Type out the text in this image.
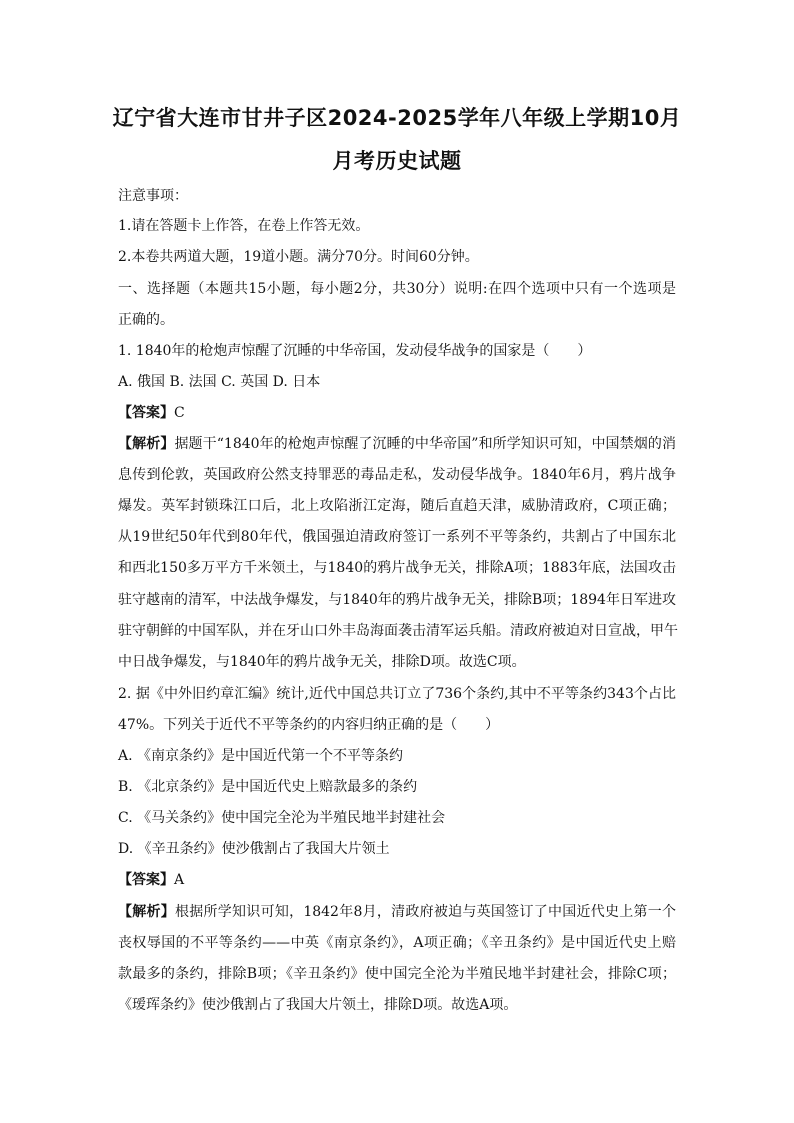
辽宁省大连市甘井子区2024-2025学年八年级上学期10月
月考历史试题
注意事项：
1.请在答题卡上作答，在卷上作答无效。
2.本卷共两道大题，19道小题。满分70分。时间60分钟。
一、选择题（本题共15小题，每小题2分，共30分）说明:在四个选项中只有一个选项是
正确的。
1. 1840年的枪炮声惊醒了沉睡的中华帝国，发动侵华战争的国家是（　　）
A. 俄国 B. 法国 C. 英国 D. 日本
【答案】C
【解析】据题干“1840年的枪炮声惊醒了沉睡的中华帝国”和所学知识可知，中国禁烟的消
息传到伦敦，英国政府公然支持罪恶的毒品走私，发动侵华战争。1840年6月，鸦片战争
爆发。英军封锁珠江口后，北上攻陷浙江定海，随后直趋天津，威胁清政府，C项正确；
从19世纪50年代到80年代，俄国强迫清政府签订一系列不平等条约，共割占了中国东北
和西北150多万平方千米领土，与1840的鸦片战争无关，排除A项；1883年底，法国攻击
驻守越南的清军，中法战争爆发，与1840年的鸦片战争无关，排除B项；1894年日军进攻
驻守朝鲜的中国军队，并在牙山口外丰岛海面袭击清军运兵船。清政府被迫对日宣战，甲午
中日战争爆发，与1840年的鸦片战争无关，排除D项。故选C项。
2. 据《中外旧约章汇编》统计,近代中国总共订立了736个条约,其中不平等条约343个占比
47%。下列关于近代不平等条约的内容归纳正确的是（　　）
A. 《南京条约》是中国近代第一个不平等条约
B. 《北京条约》是中国近代史上赔款最多的条约
C. 《马关条约》使中国完全沦为半殖民地半封建社会
D. 《辛丑条约》使沙俄割占了我国大片领土
【答案】A
【解析】根据所学知识可知，1842年8月，清政府被迫与英国签订了中国近代史上第一个
丧权辱国的不平等条约——中英《南京条约》，A项正确；《辛丑条约》是中国近代史上赔
款最多的条约，排除B项；《辛丑条约》使中国完全沦为半殖民地半封建社会，排除C项；
《瑷珲条约》使沙俄割占了我国大片领土，排除D项。故选A项。
